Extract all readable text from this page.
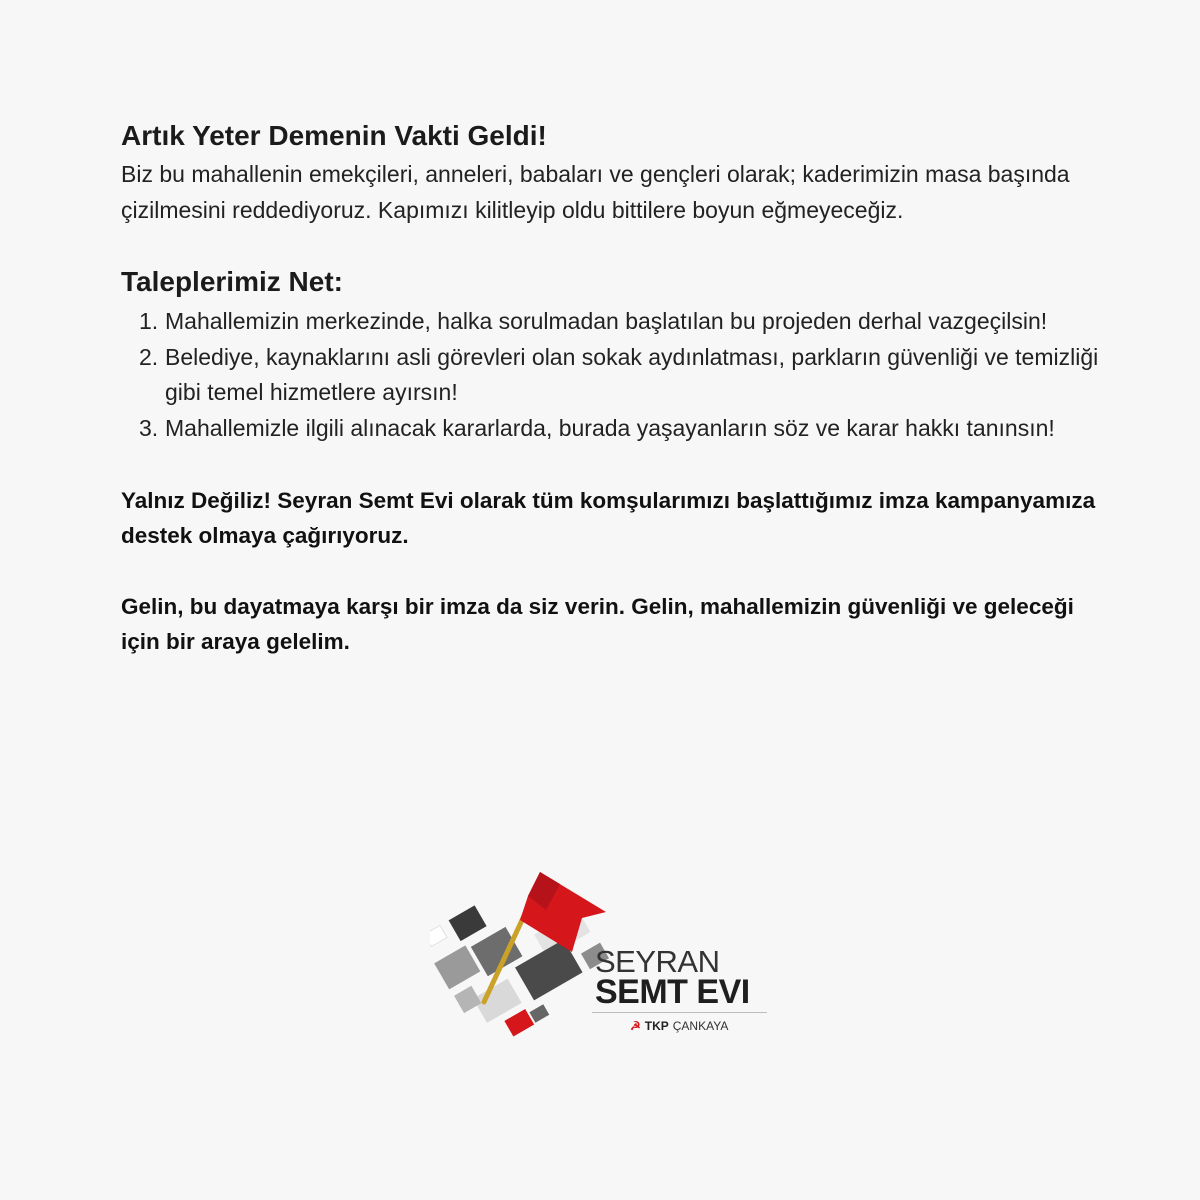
Artık Yeter Demenin Vakti Geldi!

Biz bu mahallenin emekçileri, anneleri, babaları ve gençleri olarak; kaderimizin masa başında çizilmesini reddediyoruz. Kapımızı kilitleyip oldu bittilere boyun eğmeyeceğiz.

Taleplerimiz Net:
1. Mahallemizin merkezinde, halka sorulmadan başlatılan bu projeden derhal vazgeçilsin!
2. Belediye, kaynaklarını asli görevleri olan sokak aydınlatması, parkların güvenliği ve temizliği gibi temel hizmetlere ayırsın!
3. Mahallemizle ilgili alınacak kararlarda, burada yaşayanların söz ve karar hakkı tanınsın!

Yalnız Değiliz! Seyran Semt Evi olarak tüm komşularımızı başlattığımız imza kampanyamıza destek olmaya çağırıyoruz.

Gelin, bu dayatmaya karşı bir imza da siz verin. Gelin, mahallemizin güvenliği ve geleceği için bir araya gelelim.

SEYRAN
SEMT EVI
☭ TKP ÇANKAYA
